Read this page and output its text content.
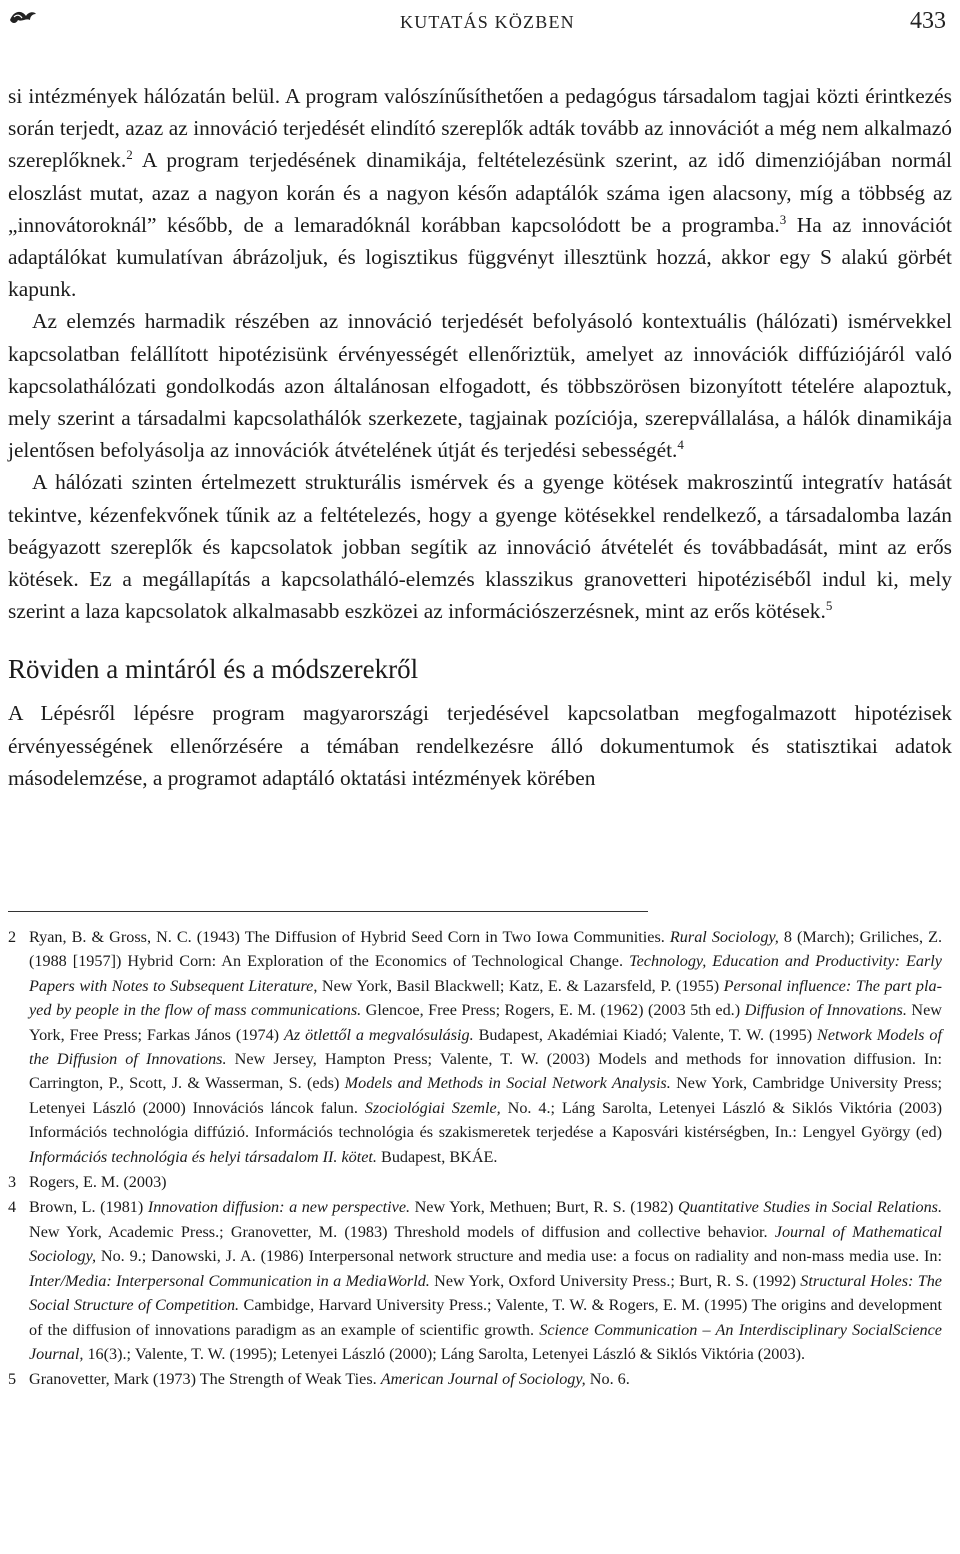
KUTATÁS KÖZBEN	433

si intézmények hálózatán belül. A program valószínűsíthetően a pedagógus társadalom tagjai közti érintkezés során terjedt, azaz az innováció terjedését elindító szereplők adták tovább az innovációt a még nem alkalmazó szereplőknek.$^2$ A program terjedésének dinamikája, feltételezésünk szerint, az idő dimenziójában normál eloszlást mutat, azaz a nagyon korán és a nagyon későn adaptálók száma igen alacsony, míg a többség az „innovátoroknál” később, de a lemaradóknál korábban kapcsolódott be a programba.$^3$ Ha az innovációt adaptálókat kumulatívan ábrázoljuk, és logisztikus függvényt illesztünk hozzá, akkor egy S alakú görbét kapunk.

Az elemzés harmadik részében az innováció terjedését befolyásoló kontextuális (hálózati) ismérvekkel kapcsolatban felállított hipotézisünk érvényességét ellenőriztük, amelyet az innovációk diffúziójáról való kapcsolathálózati gondolkodás azon általánosan elfogadott, és többszörösen bizonyított tételére alapoztuk, mely szerint a társadalmi kapcsolathálók szerkezete, tagjainak pozíciója, szerepvállalása, a hálók dinamikája jelentősen befolyásolja az innovációk átvételének útját és terjedési sebességét.$^4$

A hálózati szinten értelmezett strukturális ismérvek és a gyenge kötések makroszintű integratív hatását tekintve, kézenfekvőnek tűnik az a feltételezés, hogy a gyenge kötésekkel rendelkező, a társadalomba lazán beágyazott szereplők és kapcsolatok jobban segítik az innováció átvételét és továbbadását, mint az erős kötések. Ez a megállapítás a kapcsolatháló-elemzés klasszikus granovetteri hipotéziséből indul ki, mely szerint a laza kapcsolatok alkalmasabb eszközei az információszerzésnek, mint az erős kötések.$^5$

Röviden a mintáról és a módszerekről

A Lépésről lépésre program magyarországi terjedésével kapcsolatban megfogalmazott hipotézisek érvényességének ellenőrzésére a témában rendelkezésre álló dokumentumok és statisztikai adatok másodelemzése, a programot adaptáló oktatási intézmények körében

2 Ryan, B. & Gross, N. C. (1943) The Diffusion of Hybrid Seed Corn in Two Iowa Communities. Rural Sociology, 8 (March); Griliches, Z. (1988 [1957]) Hybrid Corn: An Exploration of the Economics of Technological Change. Technology, Education and Productivity: Early Papers with Notes to Subsequent Literature, New York, Basil Blackwell; Katz, E. & Lazarsfeld, P. (1955) Personal influence: The part played by people in the flow of mass communications. Glencoe, Free Press; Rogers, E. M. (1962) (2003 5th ed.) Diffusion of Innovations. New York, Free Press; Farkas János (1974) Az ötlettől a megvalósulásig. Budapest, Akadémiai Kiadó; Valente, T. W. (1995) Network Models of the Diffusion of Innovations. New Jersey, Hampton Press; Valente, T. W. (2003) Models and methods for innovation diffusion. In: Carrington, P., Scott, J. & Wasserman, S. (eds) Models and Methods in Social Network Analysis. New York, Cambridge University Press; Letenyei László (2000) Innovációs láncok falun. Szociológiai Szemle, No. 4.; Láng Sarolta, Letenyei László & Siklós Viktória (2003) Információs technológia diffúzió. Információs technológia és szakismeretek terjedése a Kaposvári kistérségben, In.: Lengyel György (ed) Információs technológia és helyi társadalom II. kötet. Budapest, BKÁE.

3 Rogers, E. M. (2003)

4 Brown, L. (1981) Innovation diffusion: a new perspective. New York, Methuen; Burt, R. S. (1982) Quantitative Studies in Social Relations. New York, Academic Press.; Granovetter, M. (1983) Threshold models of diffusion and collective behavior. Journal of Mathematical Sociology, No. 9.; Danowski, J. A. (1986) Interpersonal network structure and media use: a focus on radiality and non-mass media use. In: Inter/Media: Interpersonal Communication in a MediaWorld. New York, Oxford University Press.; Burt, R. S. (1992) Structural Holes: The Social Structure of Competition. Cambidge, Harvard University Press.; Valente, T. W. & Rogers, E. M. (1995) The origins and development of the diffusion of innovations paradigm as an example of scientific growth. Science Communication – An Interdisciplinary SocialScience Journal, 16(3).; Valente, T. W. (1995); Letenyei László (2000); Láng Sarolta, Letenyei László & Siklós Viktória (2003).

5 Granovetter, Mark (1973) The Strength of Weak Ties. American Journal of Sociology, No. 6.
